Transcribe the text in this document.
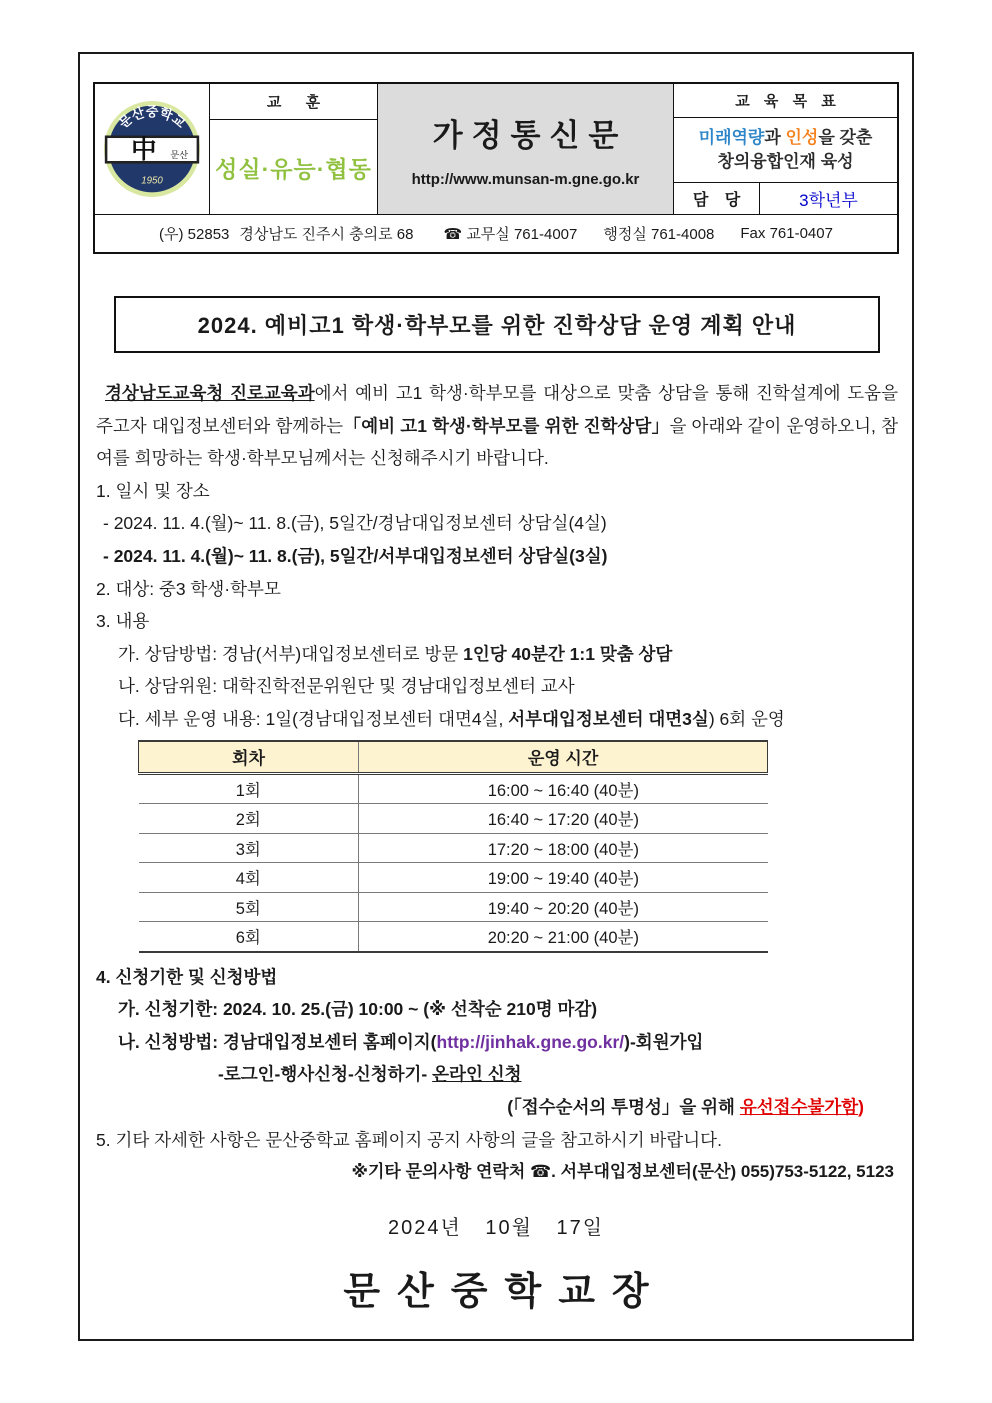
문산중학교
中 문산
1950
교 훈
성실·유능·협동
가정통신문
http://www.munsan-m.gne.go.kr
교 육 목 표
미래역량과 인성을 갖춘
창의융합인재 육성
담 당	3학년부
(우) 52853 경상남도 진주시 충의로 68 ☎ 교무실 761-4007 행정실 761-4008 Fax 761-0407
2024. 예비고1 학생·학부모를 위한 진학상담 운영 계획 안내
경상남도교육청 진로교육과에서 예비 고1 학생·학부모를 대상으로 맞춤 상담을 통해 진학설계에 도움을 주고자 대입정보센터와 함께하는「예비 고1 학생·학부모를 위한 진학상담」을 아래와 같이 운영하오니, 참여를 희망하는 학생·학부모님께서는 신청해주시기 바랍니다.
1. 일시 및 장소
- 2024. 11. 4.(월)~ 11. 8.(금), 5일간/경남대입정보센터 상담실(4실)
- 2024. 11. 4.(월)~ 11. 8.(금), 5일간/서부대입정보센터 상담실(3실)
2. 대상: 중3 학생·학부모
3. 내용
가. 상담방법: 경남(서부)대입정보센터로 방문 1인당 40분간 1:1 맞춤 상담
나. 상담위원: 대학진학전문위원단 및 경남대입정보센터 교사
다. 세부 운영 내용: 1일(경남대입정보센터 대면4실, 서부대입정보센터 대면3실) 6회 운영
회차	운영 시간
1회	16:00 ~ 16:40 (40분)
2회	16:40 ~ 17:20 (40분)
3회	17:20 ~ 18:00 (40분)
4회	19:00 ~ 19:40 (40분)
5회	19:40 ~ 20:20 (40분)
6회	20:20 ~ 21:00 (40분)
4. 신청기한 및 신청방법
가. 신청기한: 2024. 10. 25.(금) 10:00 ~ (※ 선착순 210명 마감)
나. 신청방법: 경남대입정보센터 홈페이지(http://jinhak.gne.go.kr/)-회원가입
-로그인-행사신청-신청하기- 온라인 신청
(「접수순서의 투명성」을 위해 유선접수불가함)
5. 기타 자세한 사항은 문산중학교 홈페이지 공지 사항의 글을 참고하시기 바랍니다.
※기타 문의사항 연락처 ☎. 서부대입정보센터(문산) 055)753-5122, 5123
2024년 10월 17일
문산중학교장
